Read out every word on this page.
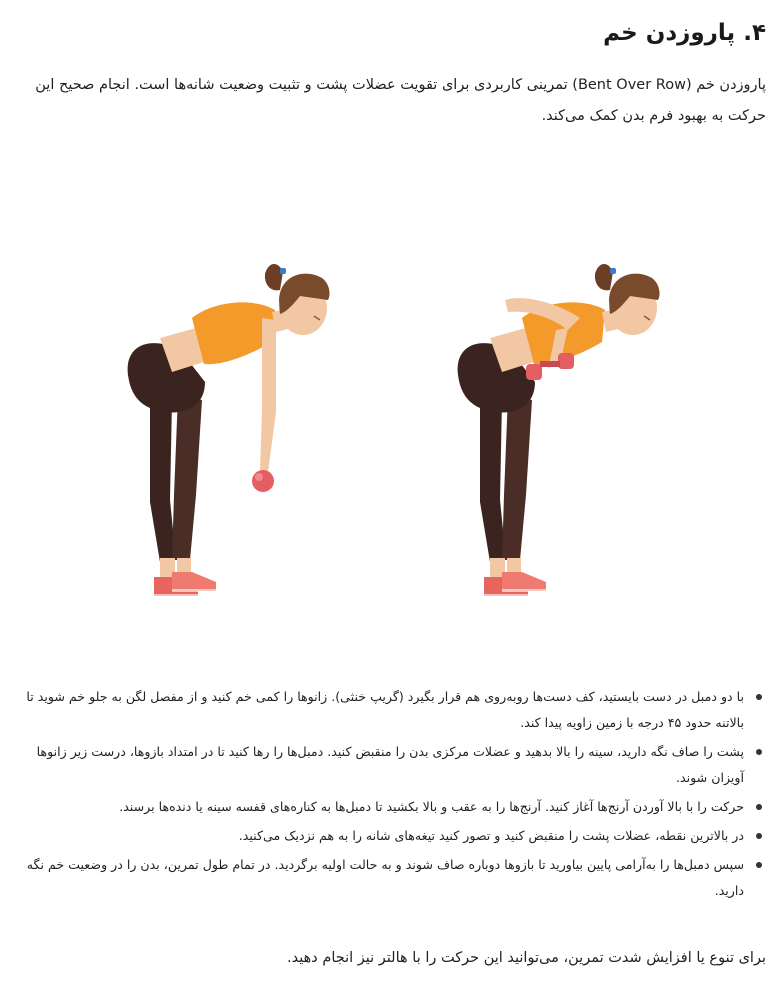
۴. پاروزدن خم

پاروزدن خم (Bent Over Row) تمرینی کاربردی برای تقویت عضلات پشت و تثبیت وضعیت شانه‌ها است. انجام صحیح این حرکت به بهبود فرم بدن کمک می‌کند.

با دو دمبل در دست بایستید، کف دست‌ها روبه‌روی هم قرار بگیرد (گریپ خنثی). زانوها را کمی خم کنید و از مفصل لگن به جلو خم شوید تا بالاتنه حدود ۴۵ درجه با زمین زاویه پیدا کند.
پشت را صاف نگه دارید، سینه را بالا بدهید و عضلات مرکزی بدن را منقبض کنید. دمبل‌ها را رها کنید تا در امتداد بازوها، درست زیر زانوها آویزان شوند.
حرکت را با بالا آوردن آرنج‌ها آغاز کنید. آرنج‌ها را به عقب و بالا بکشید تا دمبل‌ها به کناره‌های قفسه سینه یا دنده‌ها برسند.
در بالاترین نقطه، عضلات پشت را منقبض کنید و تصور کنید تیغه‌های شانه را به هم نزدیک می‌کنید.
سپس دمبل‌ها را به‌آرامی پایین بیاورید تا بازوها دوباره صاف شوند و به حالت اولیه برگردید. در تمام طول تمرین، بدن را در وضعیت خم نگه دارید.

برای تنوع یا افزایش شدت تمرین، می‌توانید این حرکت را با هالتر نیز انجام دهید.
